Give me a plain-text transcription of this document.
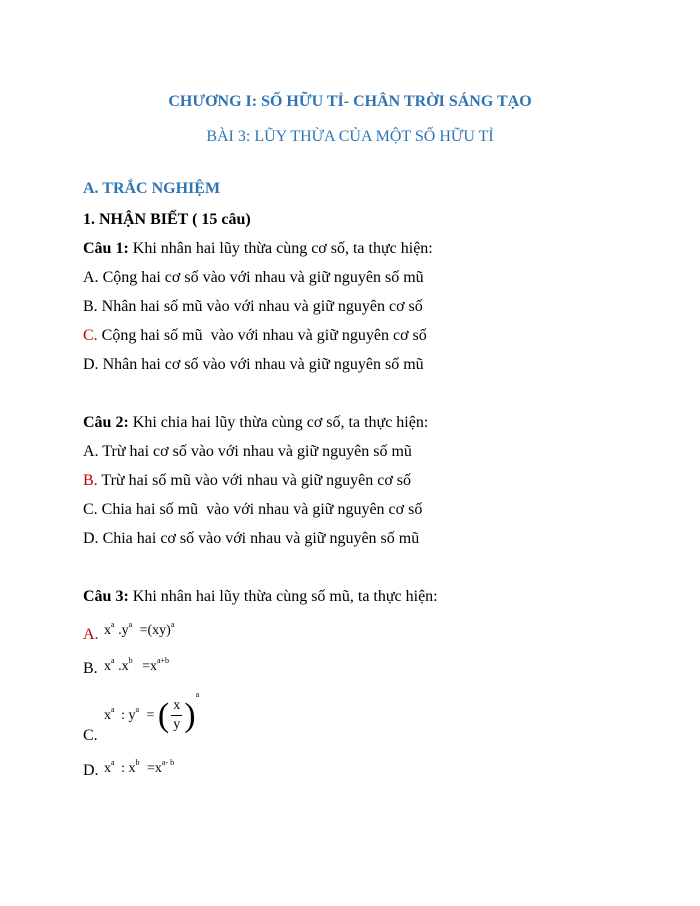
CHƯƠNG I: SỐ HỮU TỈ- CHÂN TRỜI SÁNG TẠO
BÀI 3: LŨY THỪA CỦA MỘT SỐ HỮU TỈ
A. TRẮC NGHIỆM
1. NHẬN BIẾT ( 15 câu)
Câu 1: Khi nhân hai lũy thừa cùng cơ số, ta thực hiện:
A. Cộng hai cơ số vào với nhau và giữ nguyên số mũ
B. Nhân hai số mũ vào với nhau và giữ nguyên cơ số
C. Cộng hai số mũ  vào với nhau và giữ nguyên cơ số
D. Nhân hai cơ số vào với nhau và giữ nguyên số mũ
Câu 2: Khi chia hai lũy thừa cùng cơ số, ta thực hiện:
A. Trừ hai cơ số vào với nhau và giữ nguyên số mũ
B. Trừ hai số mũ vào với nhau và giữ nguyên cơ số
C. Chia hai số mũ  vào với nhau và giữ nguyên cơ số
D. Chia hai cơ số vào với nhau và giữ nguyên số mũ
Câu 3: Khi nhân hai lũy thừa cùng số mũ, ta thực hiện:
A. $x^a$ $.y^a =(xy)^a$
B. $x^a$ $.x^b =x^{a+b}$
C.
$x^a$ : $y^a$ = ( $\frac{x}{y} )^a$
D. $x^a$ : $x^b =x^{a- b}$
